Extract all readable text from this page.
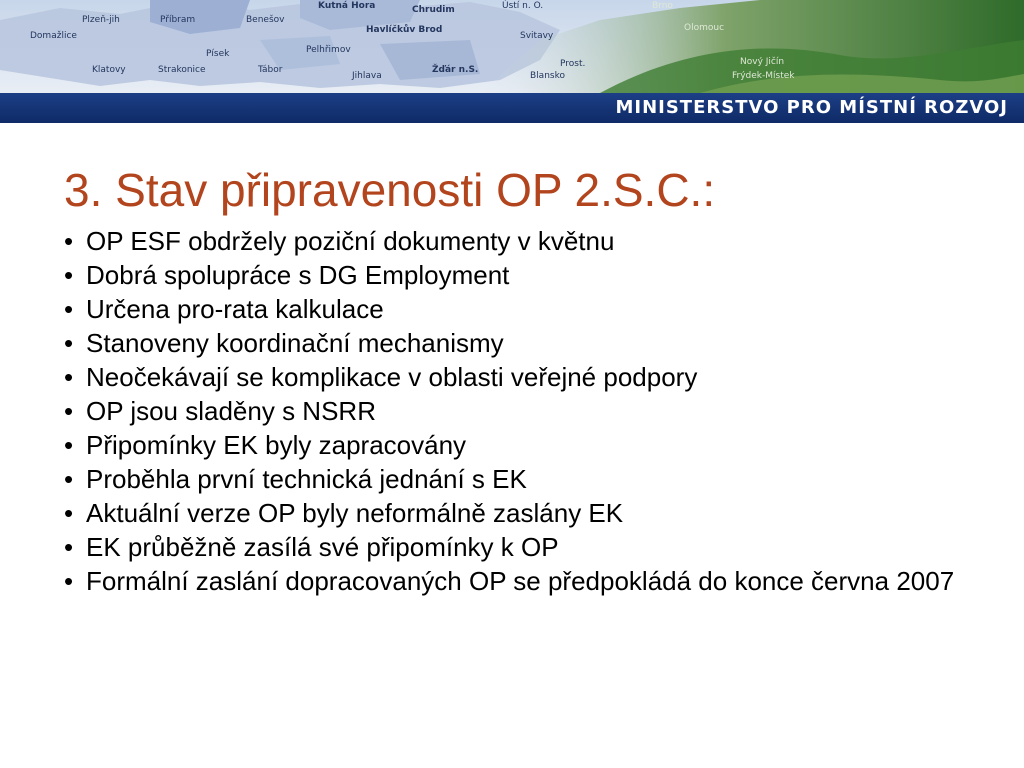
Plzeň-jih	Příbram	Benešov
Kutná Hora	Chrudim	Ústí n. O.	Brno
Domažlice
Havlíčkův Brod
Svitavy
Písek	Pelhřimov
Klatovy	Strakonice	Tábor
Jihlava
Žďár n.S.
Prost.
Blansko
Nový Jičín
Frýdek-Místek
Olomouc
MINISTERSTVO PRO MÍSTNÍ ROZVOJ
3. Stav připravenosti OP 2.S.C.:
• OP ESF obdržely poziční dokumenty v květnu
• Dobrá spolupráce s DG Employment
• Určena pro-rata kalkulace
• Stanoveny koordinační mechanismy
• Neočekávají se komplikace v oblasti veřejné podpory
• OP jsou sladěny s NSRR
• Připomínky EK byly zapracovány
• Proběhla první technická jednání s EK
• Aktuální verze OP byly neformálně zaslány EK
• EK průběžně zasílá své připomínky k OP
• Formální zaslání dopracovaných OP se předpokládá do konce června 2007
